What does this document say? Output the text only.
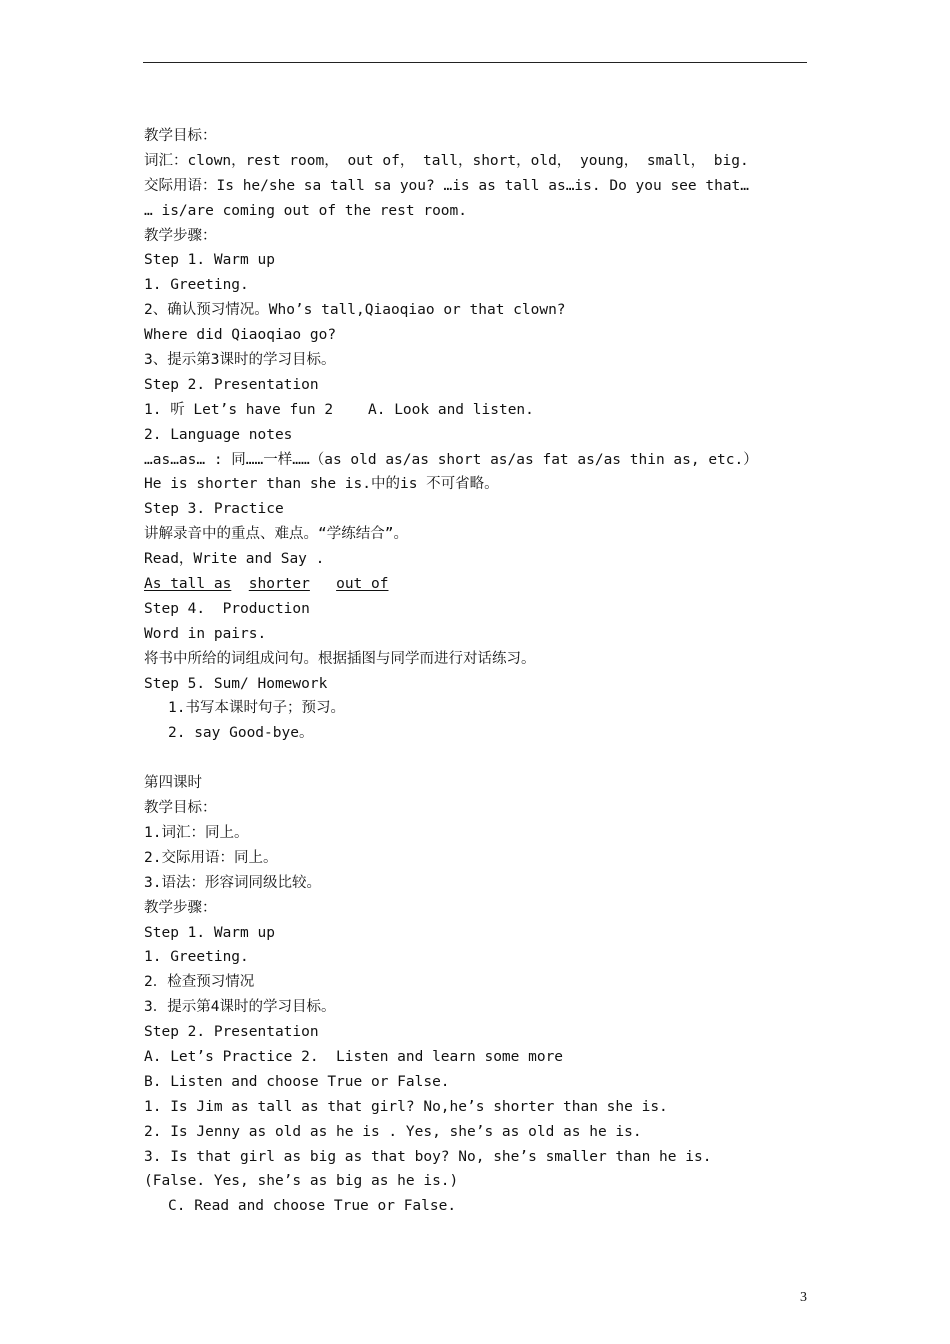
教学目标：
词汇：clown，rest room， out of， tall，short，old， young， small， big.
交际用语：Is he/she sa tall sa you? …is as tall as…is. Do you see that…
… is/are coming out of the rest room.
教学步骤：
Step 1. Warm up
1. Greeting.
2、确认预习情况。Who’s tall,Qiaoqiao or that clown?
Where did Qiaoqiao go?
3、提示第3课时的学习目标。
Step 2. Presentation
1. 听 Let’s have fun 2    A. Look and listen.
2. Language notes
…as…as… : 同……一样……（as old as/as short as/as fat as/as thin as, etc.）
He is shorter than she is.中的is 不可省略。
Step 3. Practice
讲解录音中的重点、难点。“学练结合”。
Read，Write and Say .
As tall as shorter out of
Step 4.  Production
Word in pairs.
将书中所给的词组成问句。根据插图与同学而进行对话练习。
Step 5. Sum/ Homework
1.书写本课时句子；预习。
2. say Good-bye。
第四课时
教学目标：
1.词汇：同上。
2.交际用语：同上。
3.语法：形容词同级比较。
教学步骤：
Step 1. Warm up
1. Greeting.
2．检查预习情况
3．提示第4课时的学习目标。
Step 2. Presentation
A. Let’s Practice 2.  Listen and learn some more
B. Listen and choose True or False.
1. Is Jim as tall as that girl? No,he’s shorter than she is.
2. Is Jenny as old as he is . Yes, she’s as old as he is.
3. Is that girl as big as that boy? No, she’s smaller than he is.
(False. Yes, she’s as big as he is.)
C. Read and choose True or False.
3
